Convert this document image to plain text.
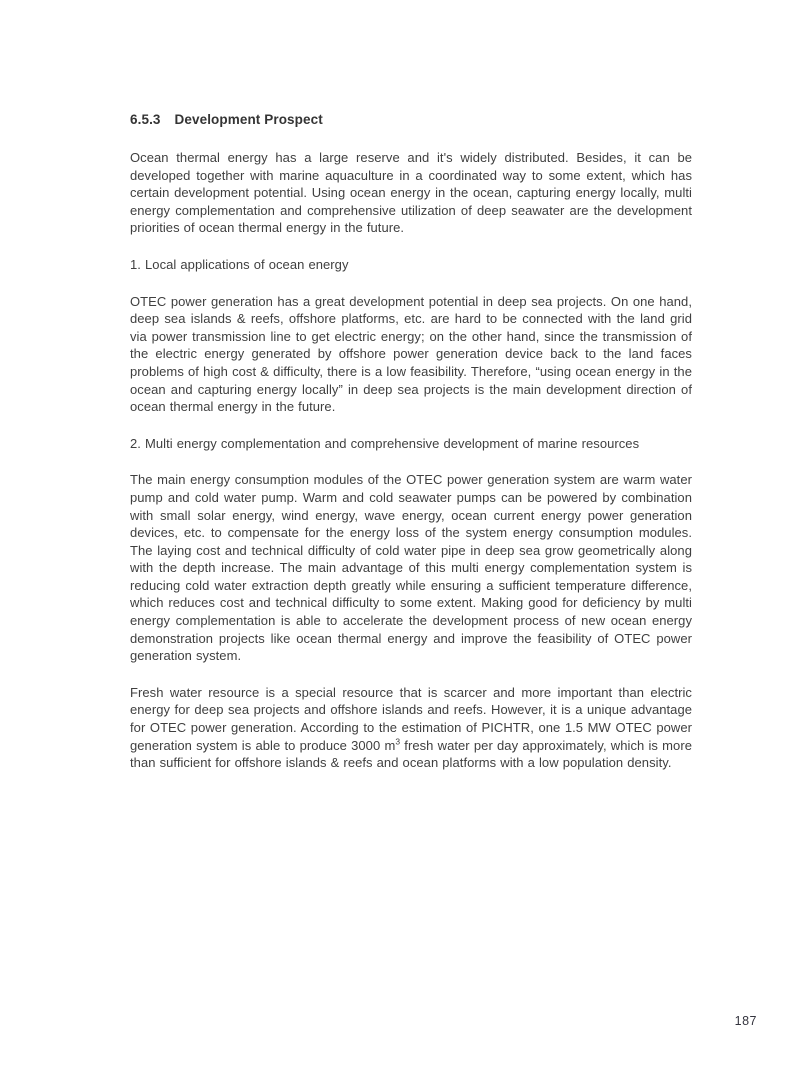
6.5.3 Development Prospect

Ocean thermal energy has a large reserve and it's widely distributed. Besides, it can be developed together with marine aquaculture in a coordinated way to some extent, which has certain development potential. Using ocean energy in the ocean, capturing energy locally, multi energy complementation and comprehensive utilization of deep seawater are the development priorities of ocean thermal energy in the future.

1. Local applications of ocean energy

OTEC power generation has a great development potential in deep sea projects. On one hand, deep sea islands & reefs, offshore platforms, etc. are hard to be connected with the land grid via power transmission line to get electric energy; on the other hand, since the transmission of the electric energy generated by offshore power generation device back to the land faces problems of high cost & difficulty, there is a low feasibility. Therefore, “using ocean energy in the ocean and capturing energy locally” in deep sea projects is the main development direction of ocean thermal energy in the future.

2. Multi energy complementation and comprehensive development of marine resources

The main energy consumption modules of the OTEC power generation system are warm water pump and cold water pump. Warm and cold seawater pumps can be powered by combination with small solar energy, wind energy, wave energy, ocean current energy power generation devices, etc. to compensate for the energy loss of the system energy consumption modules. The laying cost and technical difficulty of cold water pipe in deep sea grow geometrically along with the depth increase. The main advantage of this multi energy complementation system is reducing cold water extraction depth greatly while ensuring a sufficient temperature difference, which reduces cost and technical difficulty to some extent. Making good for deficiency by multi energy complementation is able to accelerate the development process of new ocean energy demonstration projects like ocean thermal energy and improve the feasibility of OTEC power generation system.

Fresh water resource is a special resource that is scarcer and more important than electric energy for deep sea projects and offshore islands and reefs. However, it is a unique advantage for OTEC power generation. According to the estimation of PICHTR, one 1.5 MW OTEC power generation system is able to produce 3000 $m^3$ fresh water per day approximately, which is more than sufficient for offshore islands & reefs and ocean platforms with a low population density.

187
